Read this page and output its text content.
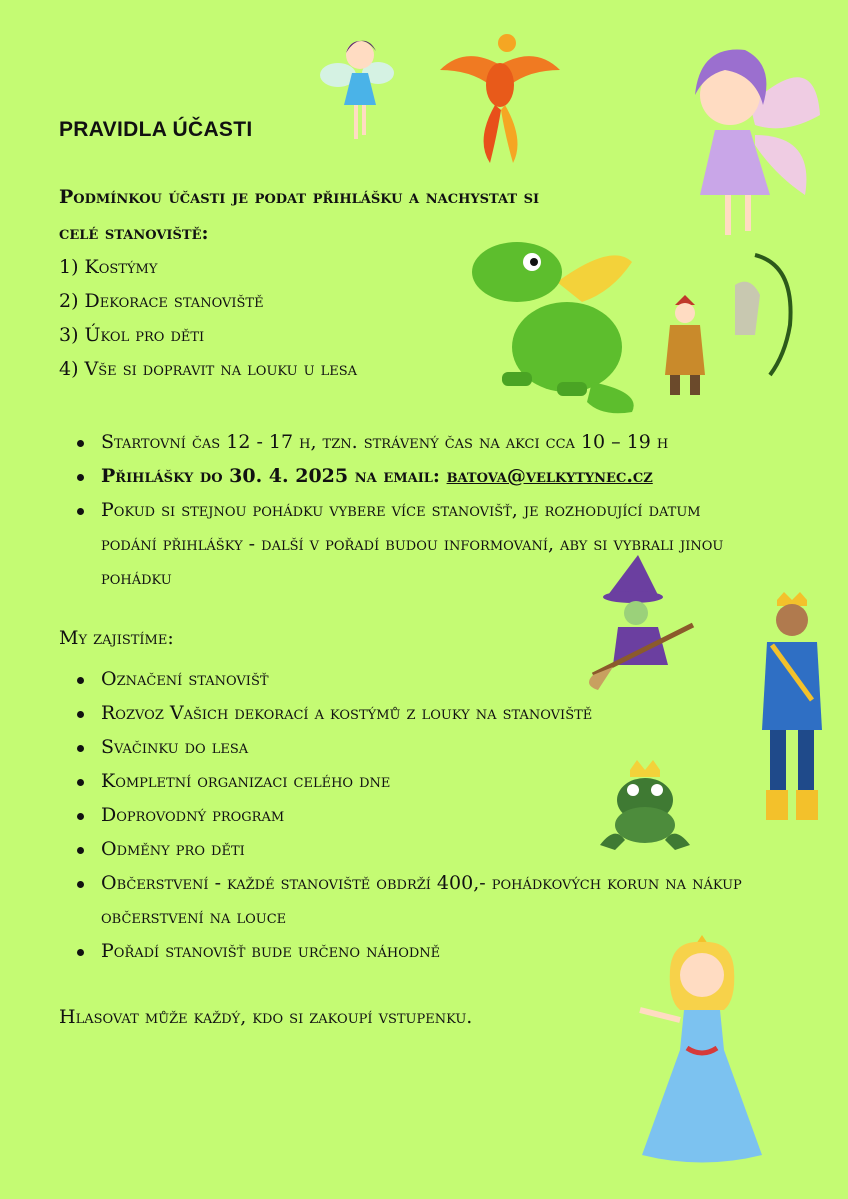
PRAVIDLA ÚČASTI
Podmínkou účasti je podat přihlášku a nachystat si
celé stanoviště:
1) Kostýmy
2) Dekorace stanoviště
3) Úkol pro děti
4) Vše si dopravit na louku u lesa
Startovní čas 12 - 17 h, tzn. strávený čas na akci cca 10 – 19 h
Přihlášky do 30. 4. 2025 na email: batova@velkytynec.cz
Pokud si stejnou pohádku vybere více stanovišť, je rozhodující datum podání přihlášky - další v pořadí budou informovaní, aby si vybrali jinou pohádku
My zajistíme:
Označení stanovišť
Rozvoz Vašich dekorací a kostýmů z louky na stanoviště
Svačinku do lesa
Kompletní organizaci celého dne
Doprovodný program
Odměny pro děti
Občerstvení - každé stanoviště obdrží 400,- pohádkových korun na nákup občerstvení na louce
Pořadí stanovišť bude určeno náhodně
Hlasovat může každý, kdo si zakoupí vstupenku.
